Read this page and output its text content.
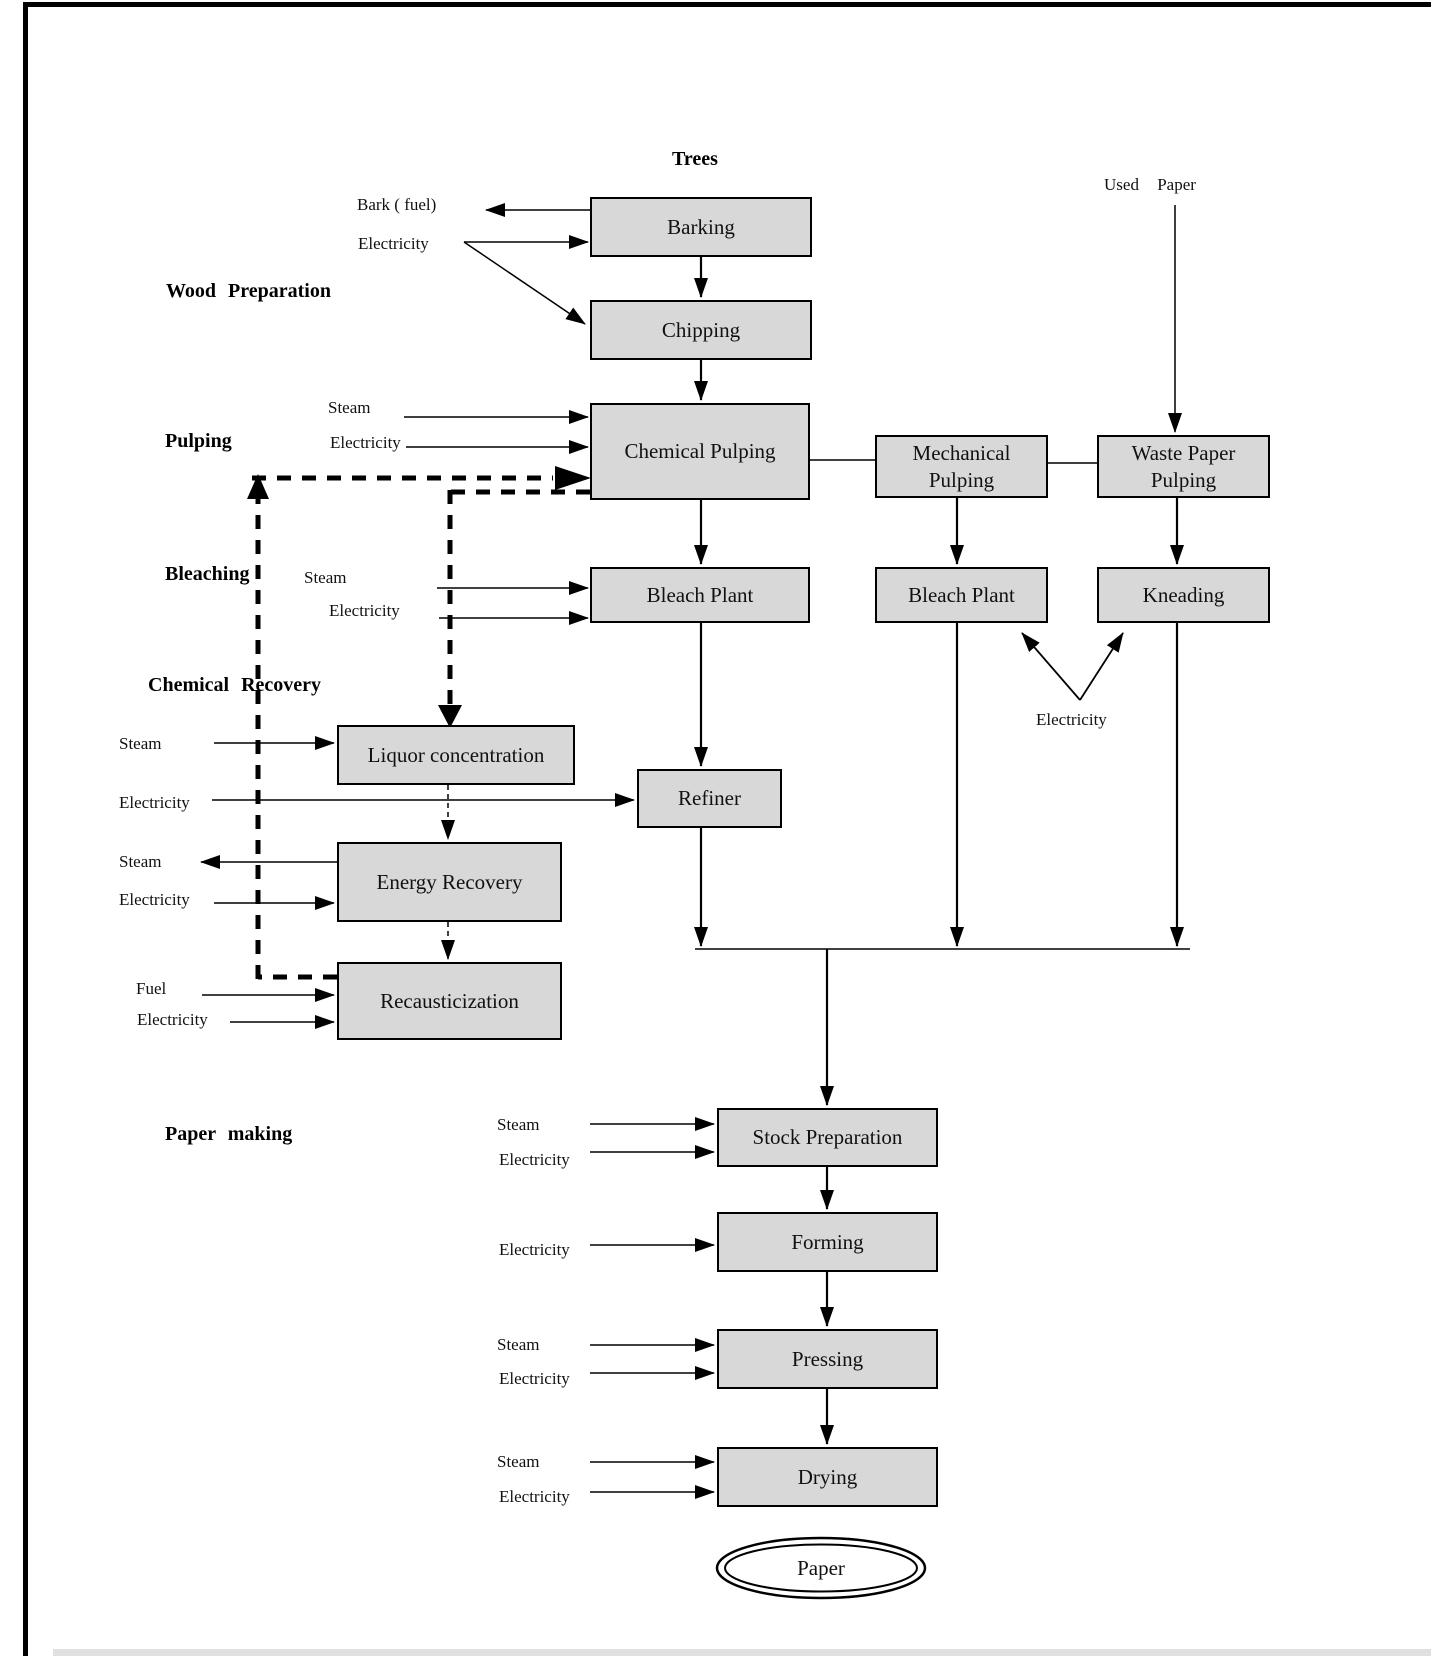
Trees
Wood Preparation
Pulping
Bleaching
Chemical Recovery
Paper making
Barking
Chipping
Chemical Pulping	Mechanical Pulping
Waste Paper Pulping
Bleach Plant	Bleach Plant	Kneading
Liquor concentration
Refiner
Energy Recovery
Recausticization
Stock Preparation
Forming
Pressing
Drying
Paper
Bark ( fuel)
Electricity
Steam
Electricity
Steam
Electricity
Used Paper
Electricity
Steam
Electricity
Steam
Electricity
Fuel
Electricity
Steam
Electricity
Electricity
Steam
Electricity
Steam
Electricity
